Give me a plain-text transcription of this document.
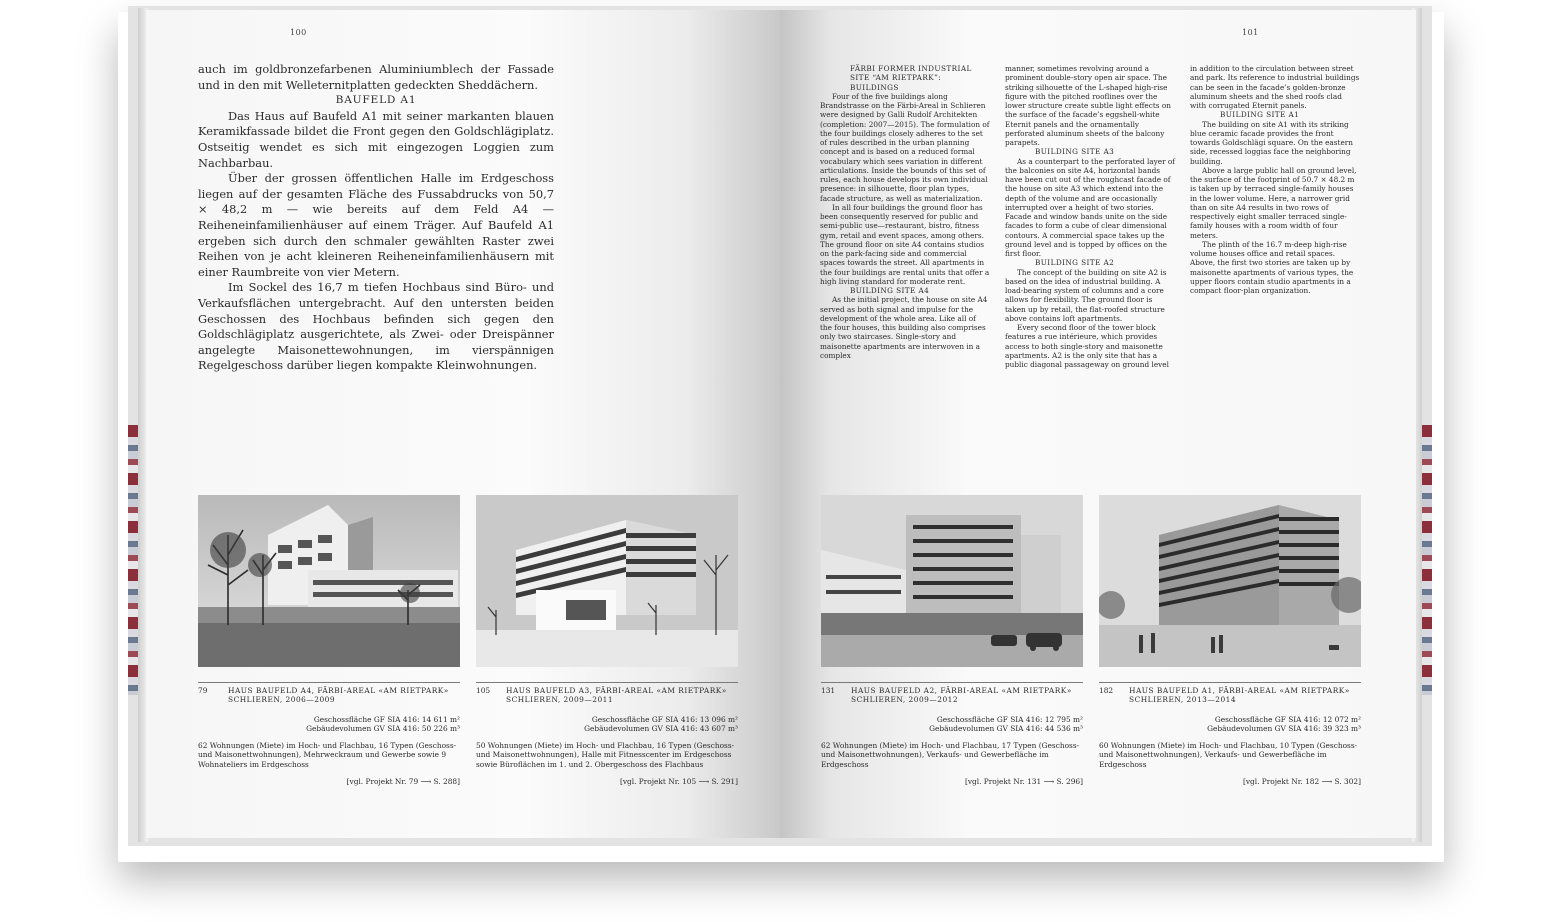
100

auch im goldbronzefarbenen Aluminiumblech der Fassade und in den mit Welleternitplatten gedeckten Sheddächern.

BAUFELD A1

Das Haus auf Baufeld A1 mit seiner markanten blauen Keramikfassade bildet die Front gegen den Goldschlägiplatz. Ostseitig wendet es sich mit eingezogen Loggien zum Nachbarbau.

Über der grossen öffentlichen Halle im Erdgeschoss liegen auf der gesamten Fläche des Fussabdrucks von 50,7 × 48,2 m — wie bereits auf dem Feld A4 — Reiheneinfamilienhäuser auf einem Träger. Auf Baufeld A1 ergeben sich durch den schmaler gewählten Raster zwei Reihen von je acht kleineren Reiheneinfamilienhäusern mit einer Raumbreite von vier Metern.

Im Sockel des 16,7 m tiefen Hochbaus sind Büro- und Verkaufsflächen untergebracht. Auf den untersten beiden Geschossen des Hochbaus befinden sich gegen den Goldschlägiplatz ausgerichtete, als Zwei- oder Dreispänner angelegte Maisonettewohnungen, im vierspännigen Regelgeschoss darüber liegen kompakte Kleinwohnungen.

79	HAUS BAUFELD A4, FÄRBI-AREAL «AM RIETPARK»
SCHLIEREN, 2006—2009
Geschossfläche GF SIA 416: 14 611 m²
Gebäudevolumen GV SIA 416: 50 226 m³
62 Wohnungen (Miete) im Hoch- und Flachbau, 16 Typen (Geschoss- und Maisonettwohnungen), Mehrweckraum und Gewerbe sowie 9 Wohnateliers im Erdgeschoss
[vgl. Projekt Nr. 79 ⟶ S. 288]
105	HAUS BAUFELD A3, FÄRBI-AREAL «AM RIETPARK»
SCHLIEREN, 2009—2011
Geschossfläche GF SIA 416: 13 096 m²
Gebäudevolumen GV SIA 416: 43 607 m³
50 Wohnungen (Miete) im Hoch- und Flachbau, 16 Typen (Geschoss- und Maisonettwohnungen), Halle mit Fitnesscenter im Erdgeschoss sowie Büroflächen im 1. und 2. Obergeschoss des Flachbaus
[vgl. Projekt Nr. 105 ⟶ S. 291]
101

FÄRBI FORMER INDUSTRIAL SITE “AM RIETPARK”: BUILDINGS

Four of the five buildings along Brandstrasse on the Färbi-Areal in Schlieren were designed by Galli Rudolf Architekten (completion: 2007—2015). The formulation of the four buildings closely adheres to the set of rules described in the urban planning concept and is based on a reduced formal vocabulary which sees variation in different articulations. Inside the bounds of this set of rules, each house develops its own individual presence: in silhouette, floor plan types, facade structure, as well as materialization.

In all four buildings the ground floor has been consequently reserved for public and semi-public use—restaurant, bistro, fitness gym, retail and event spaces, among others. The ground floor on site A4 contains studios on the park-facing side and commercial spaces towards the street. All apartments in the four buildings are rental units that offer a high living standard for moderate rent.

BUILDING SITE A4

As the initial project, the house on site A4 served as both signal and impulse for the development of the whole area. Like all of the four houses, this building also comprises only two staircases. Single-story and maisonette apartments are interwoven in a complex

manner, sometimes revolving around a prominent double-story open air space. The striking silhouette of the L-shaped high-rise figure with the pitched rooflines over the lower structure create subtle light effects on the surface of the facade’s eggshell-white Eternit panels and the ornamentally perforated aluminum sheets of the balcony parapets.

BUILDING SITE A3

As a counterpart to the perforated layer of the balconies on site A4, horizontal bands have been cut out of the roughcast facade of the house on site A3 which extend into the depth of the volume and are occasionally interrupted over a height of two stories. Facade and window bands unite on the side facades to form a cube of clear dimensional contours. A commercial space takes up the ground level and is topped by offices on the first floor.

BUILDING SITE A2

The concept of the building on site A2 is based on the idea of industrial building. A load-bearing system of columns and a core allows for flexibility. The ground floor is taken up by retail, the flat-roofed structure above contains loft apartments.

Every second floor of the tower block features a rue intérieure, which provides access to both single-story and maisonette apartments. A2 is the only site that has a public diagonal passageway on ground level

in addition to the circulation between street and park. Its reference to industrial buildings can be seen in the facade’s golden-bronze aluminum sheets and the shed roofs clad with corrugated Eternit panels.

BUILDING SITE A1

The building on site A1 with its striking blue ceramic facade provides the front towards Goldschlägi square. On the eastern side, recessed loggias face the neighboring building.

Above a large public hall on ground level, the surface of the footprint of 50.7 × 48.2 m is taken up by terraced single-family houses in the lower volume. Here, a narrower grid than on site A4 results in two rows of respectively eight smaller terraced single-family houses with a room width of four meters.

The plinth of the 16.7 m-deep high-rise volume houses office and retail spaces. Above, the first two stories are taken up by maisonette apartments of various types, the upper floors contain studio apartments in a compact floor-plan organization.

131	HAUS BAUFELD A2, FÄRBI-AREAL «AM RIETPARK»
SCHLIEREN, 2009—2012
Geschossfläche GF SIA 416: 12 795 m²
Gebäudevolumen GV SIA 416: 44 536 m³
62 Wohnungen (Miete) im Hoch- und Flachbau, 17 Typen (Geschoss- und Maisonettwohnungen), Verkaufs- und Gewerbefläche im Erdgeschoss
[vgl. Projekt Nr. 131 ⟶ S. 296]
182	HAUS BAUFELD A1, FÄRBI-AREAL «AM RIETPARK»
SCHLIEREN, 2013—2014
Geschossfläche GF SIA 416: 12 072 m²
Gebäudevolumen GV SIA 416: 39 323 m³
60 Wohnungen (Miete) im Hoch- und Flachbau, 10 Typen (Geschoss- und Maisonettwohnungen), Verkaufs- und Gewerbefläche im Erdgeschoss
[vgl. Projekt Nr. 182 ⟶ S. 302]
